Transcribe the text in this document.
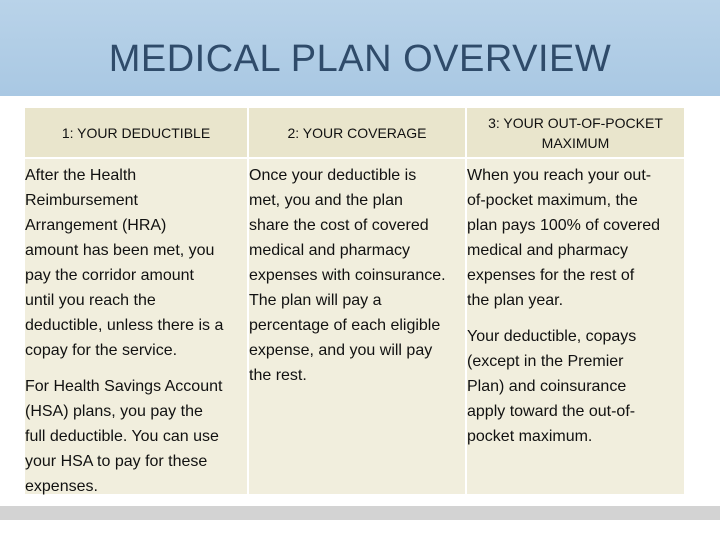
MEDICAL PLAN OVERVIEW
1: YOUR DEDUCTIBLE	2: YOUR COVERAGE
3: YOUR OUT-OF-POCKET
MAXIMUM

After the Health
Reimbursement
Arrangement (HRA)
amount has been met, you
pay the corridor amount
until you reach the
deductible, unless there is a
copay for the service.

For Health Savings Account
(HSA) plans, you pay the
full deductible. You can use
your HSA to pay for these
expenses.

Once your deductible is
met, you and the plan
share the cost of covered
medical and pharmacy
expenses with coinsurance.
The plan will pay a
percentage of each eligible
expense, and you will pay
the rest.

When you reach your out-
of-pocket maximum, the
plan pays 100% of covered
medical and pharmacy
expenses for the rest of
the plan year.

Your deductible, copays
(except in the Premier
Plan) and coinsurance
apply toward the out-of-
pocket maximum.
